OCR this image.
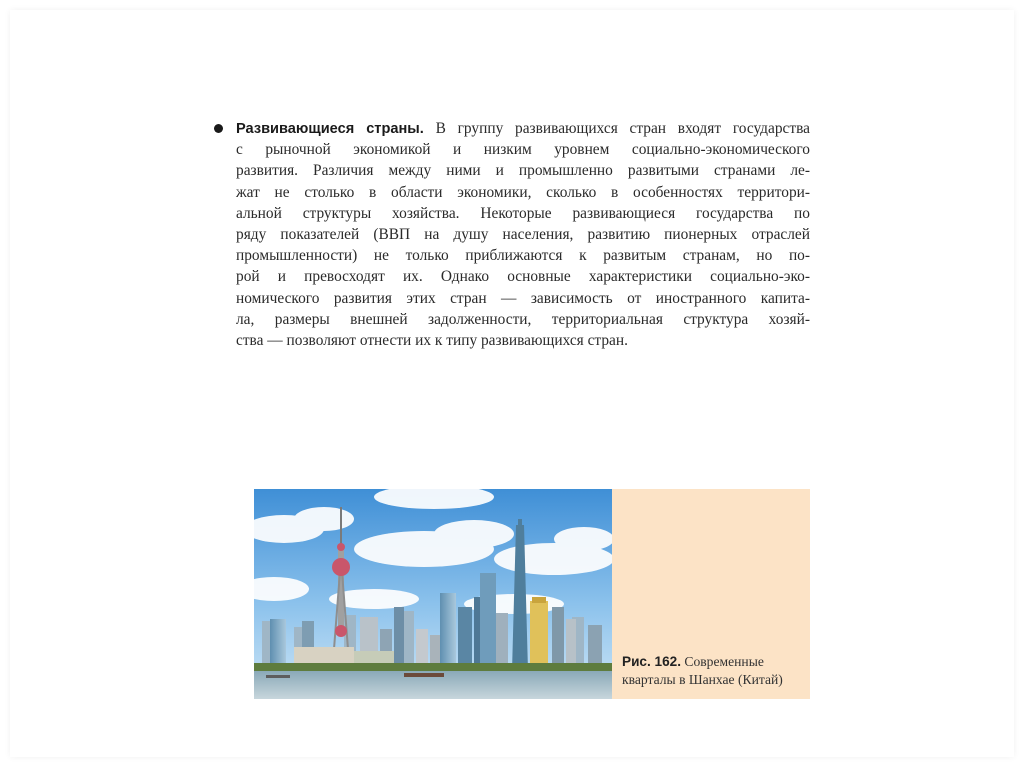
Развивающиеся страны. В группу развивающихся стран входят государства
с рыночной экономикой и низким уровнем социально-экономического
развития. Различия между ними и промышленно развитыми странами ле-
жат не столько в области экономики, сколько в особенностях территори-
альной структуры хозяйства. Некоторые развивающиеся государства по
ряду показателей (ВВП на душу населения, развитию пионерных отраслей
промышленности) не только приближаются к развитым странам, но по-
рой и превосходят их. Однако основные характеристики социально-эко-
номического развития этих стран — зависимость от иностранного капита-
ла, размеры внешней задолженности, территориальная структура хозяй-
ства — позволяют отнести их к типу развивающихся стран.
Рис. 162. Современные
кварталы в Шанхае (Китай)
